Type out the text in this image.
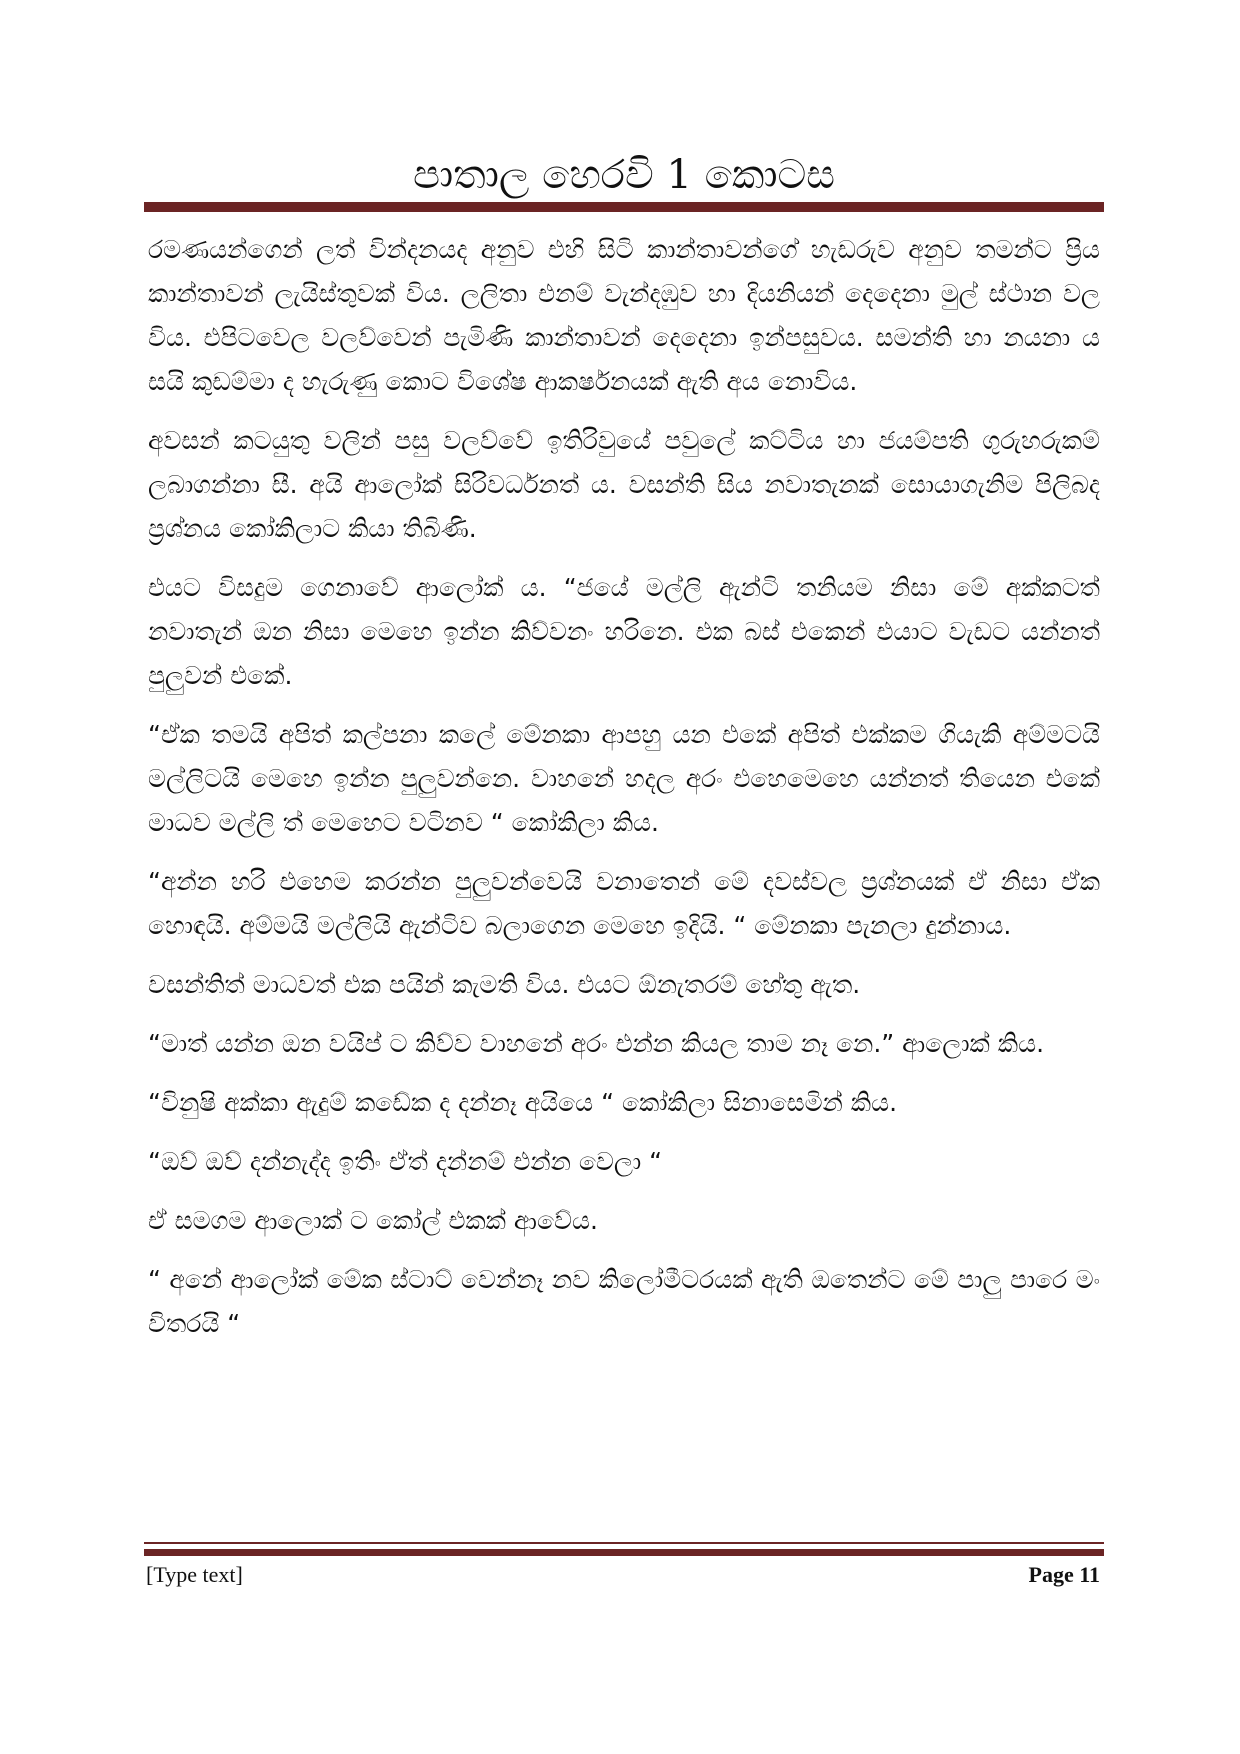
පාතාල හෙරවි 1 කොටස

රමණයන්ගෙන් ලත් වින්දනයද අනුව එහි සිටි කාන්තාවන්ගේ හැඩරුව අනුව තමන්ට ප්‍රිය කාන්තාවන් ලැයිස්තුවක් විය. ලලිතා එනම් වැන්දඹුව හා දියනියන් දෙදෙනා මුල් ස්ථාන වල විය. එපිටවෙල වලව්වෙන් පැමිණි කාන්තාවන් දෙදෙනා ඉන්පසුවය. සමන්ති හා නයනා ය සයි කුඩම්මා ද හැරුණු කොට විශේෂ ආකර්ෂනයක් ඇති අය නොවිය.

අවසන් කටයුතු වලින් පසු වලව්වේ ඉතිරිවුයේ පවුලේ කට්ටිය හා ජයම්පති ගුරුහරුකම් ලබාගන්නා සී. අයි ආලෝක් සිරිවර්ධනත් ය. වසන්ති සිය නවාතැනක් සොයාගැනිම පිලිබද ප්‍රශ්නය කෝකිලාට කියා තිබිණි.

එයට විසදුම ගෙනාවේ ආලෝක් ය. “ජයේ මල්ලි ඇන්ටි තනියම නිසා මේ අක්කටත් නවාතැන් ඔන නිසා මෙහෙ ඉන්න කිව්වනං හරිනෙ. එක බස් එකෙන් එයාට වැඩට යන්නත් පුලුවන් එකේ.

“ඒක තමයි අපිත් කල්පනා කලේ මේනකා ආපහු යන එකේ අපිත් එක්කම ගියැකි අම්මටයි මල්ලිටයි මෙහෙ ඉන්න පුලුවන්නෙ. වාහනේ හදල අරං එහෙමෙහෙ යන්නත් තියෙන එකේ මාධව මල්ලි ත් මෙහෙට වටිනව “ කෝකිලා කිය.

“අන්න හරි එහෙම කරන්න පුලුවන්වෙයි වනාතෙන් මේ දවස්වල ප්‍රශ්නයක් ඒ නිසා ඒක හොඳයි. අම්මයි මල්ලියි ඇන්ටිව බලාගෙන මෙහෙ ඉදියි. “ මේනකා පැනලා දුන්නාය.

වසන්තිත් මාධවත් එක පයින් කැමති විය. එයට ඕනැතරම් හේතු ඇත.

“මාත් යන්න ඔන වයිප් ට කිව්ව වාහනේ අරං එන්න කියල තාම නෑ නෙ.” ආලොක් කිය.

“විනුෂි අක්කා ඇදුම් කඩේක ද දන්නෑ අයියෙ “ කෝකිලා සිනාසෙමින් කිය.

“ඔව් ඔව් දන්නැද්ද ඉතිං ඒත් දන්නම් එන්න වෙලා “

ඒ සමගම ආලොක් ට කෝල් එකක් ආවේය.

“ අනේ ආලෝක් මේක ස්ටාට් වෙන්නෑ නව කිලෝමීටරයක් ඇති ඔතෙන්ට මේ පාලු පාරෙ මං විතරයි “

[Type text]	Page 11
